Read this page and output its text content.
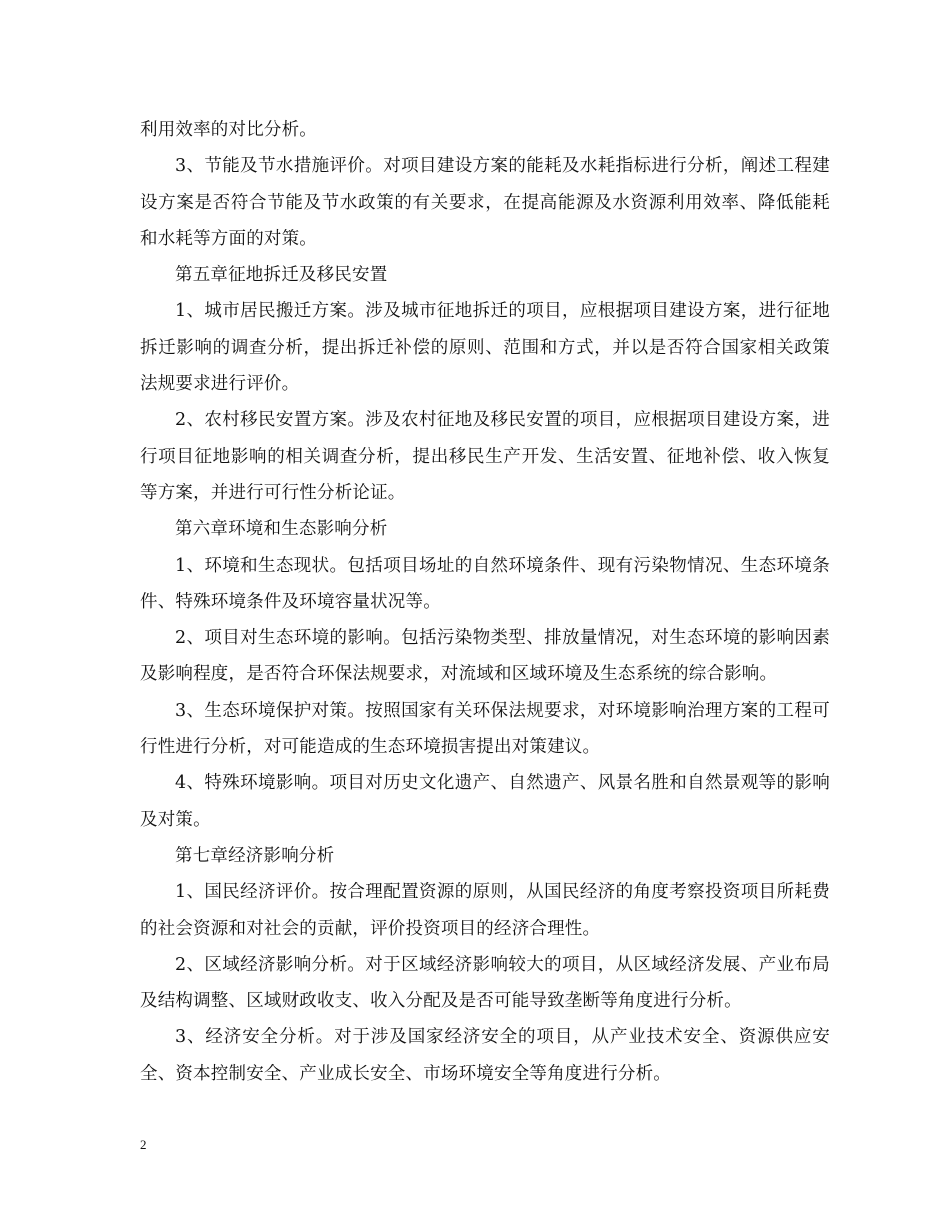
利用效率的对比分析。

3、节能及节水措施评价。对项目建设方案的能耗及水耗指标进行分析，阐述工程建设方案是否符合节能及节水政策的有关要求，在提高能源及水资源利用效率、降低能耗和水耗等方面的对策。

第五章征地拆迁及移民安置

1、城市居民搬迁方案。涉及城市征地拆迁的项目，应根据项目建设方案，进行征地拆迁影响的调查分析，提出拆迁补偿的原则、范围和方式，并以是否符合国家相关政策法规要求进行评价。

2、农村移民安置方案。涉及农村征地及移民安置的项目，应根据项目建设方案，进行项目征地影响的相关调查分析，提出移民生产开发、生活安置、征地补偿、收入恢复等方案，并进行可行性分析论证。

第六章环境和生态影响分析

1、环境和生态现状。包括项目场址的自然环境条件、现有污染物情况、生态环境条件、特殊环境条件及环境容量状况等。

2、项目对生态环境的影响。包括污染物类型、排放量情况，对生态环境的影响因素及影响程度，是否符合环保法规要求，对流域和区域环境及生态系统的综合影响。

3、生态环境保护对策。按照国家有关环保法规要求，对环境影响治理方案的工程可行性进行分析，对可能造成的生态环境损害提出对策建议。

4、特殊环境影响。项目对历史文化遗产、自然遗产、风景名胜和自然景观等的影响及对策。

第七章经济影响分析

1、国民经济评价。按合理配置资源的原则，从国民经济的角度考察投资项目所耗费的社会资源和对社会的贡献，评价投资项目的经济合理性。

2、区域经济影响分析。对于区域经济影响较大的项目，从区域经济发展、产业布局及结构调整、区域财政收支、收入分配及是否可能导致垄断等角度进行分析。

3、经济安全分析。对于涉及国家经济安全的项目，从产业技术安全、资源供应安全、资本控制安全、产业成长安全、市场环境安全等角度进行分析。

2
